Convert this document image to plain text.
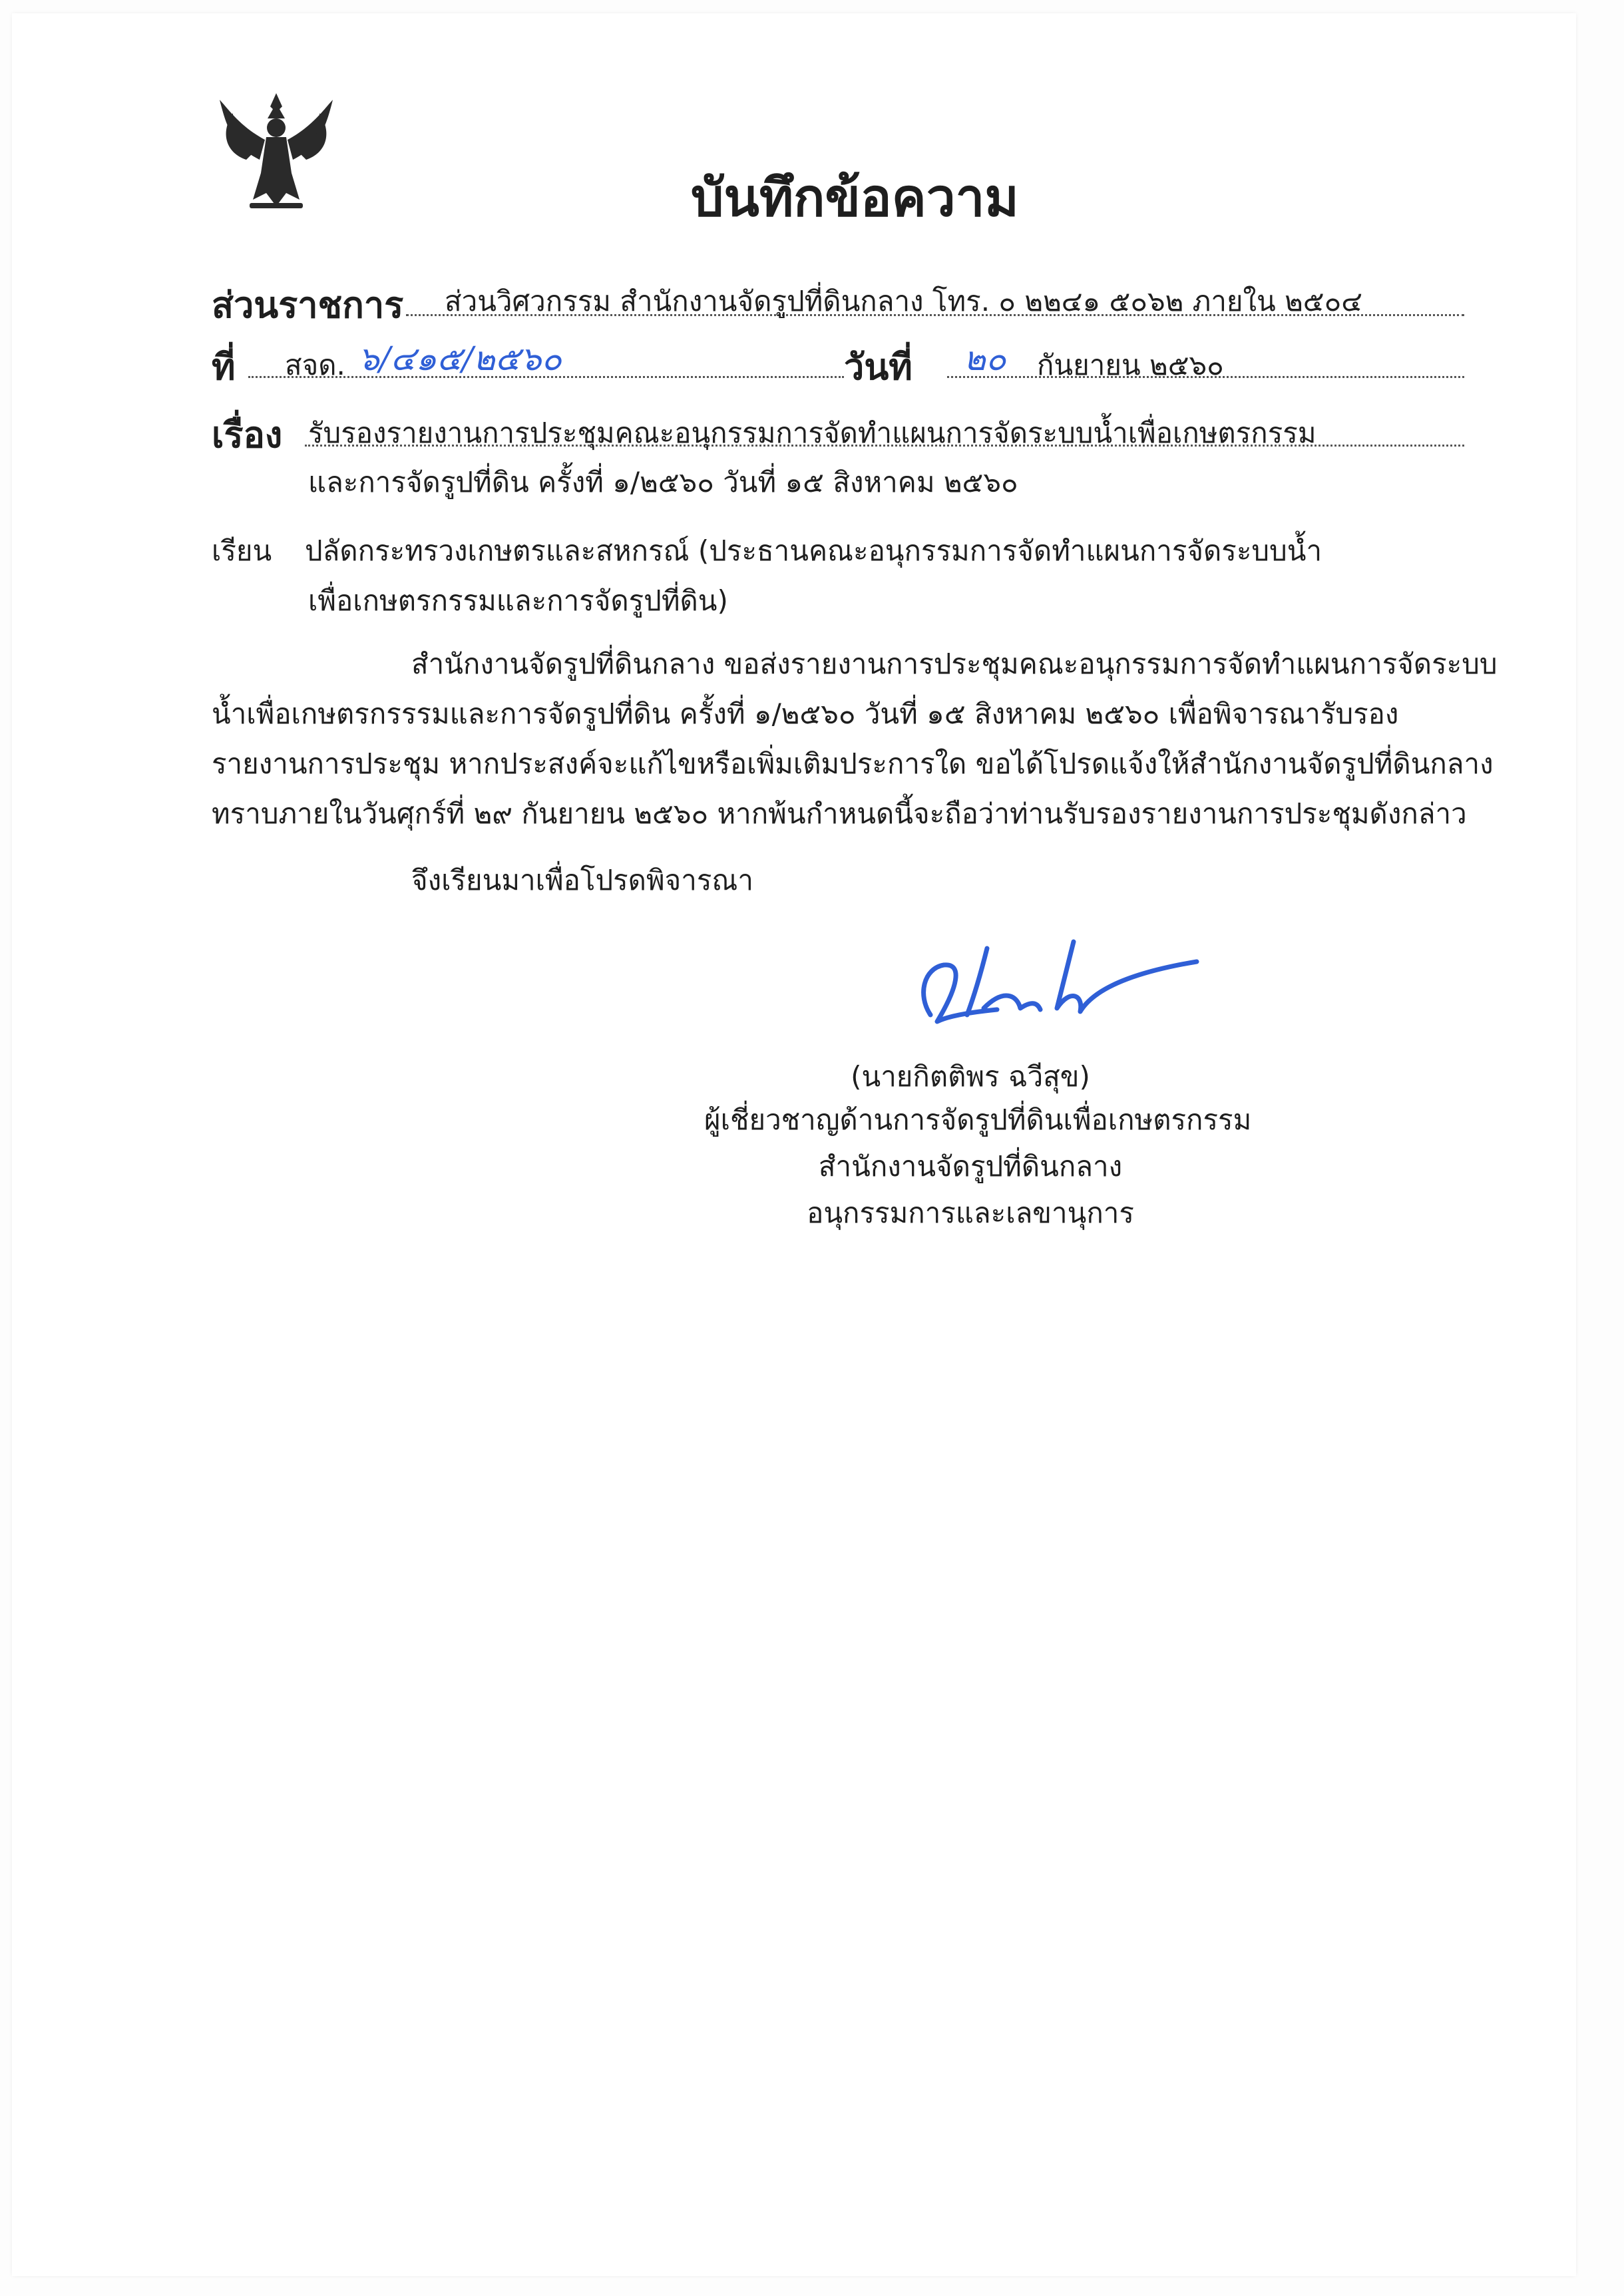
บันทึกข้อความ
ส่วนราชการ ส่วนวิศวกรรม สำนักงานจัดรูปที่ดินกลาง โทร. ๐ ๒๒๔๑ ๕๐๖๒ ภายใน ๒๕๐๔
ที่ สจด. ๖/๔๑๕/๒๕๖๐	วันที่ ๒๐ กันยายน ๒๕๖๐
เรื่อง รับรองรายงานการประชุมคณะอนุกรรมการจัดทำแผนการจัดระบบน้ำเพื่อเกษตรกรรม
และการจัดรูปที่ดิน ครั้งที่ ๑/๒๕๖๐ วันที่ ๑๕ สิงหาคม ๒๕๖๐
เรียน ปลัดกระทรวงเกษตรและสหกรณ์ (ประธานคณะอนุกรรมการจัดทำแผนการจัดระบบน้ำ
เพื่อเกษตรกรรมและการจัดรูปที่ดิน)
สำนักงานจัดรูปที่ดินกลาง ขอส่งรายงานการประชุมคณะอนุกรรมการจัดทำแผนการจัดระบบ
น้ำเพื่อเกษตรกรรรมและการจัดรูปที่ดิน ครั้งที่ ๑/๒๕๖๐ วันที่ ๑๕ สิงหาคม ๒๕๖๐ เพื่อพิจารณารับรอง
รายงานการประชุม หากประสงค์จะแก้ไขหรือเพิ่มเติมประการใด ขอได้โปรดแจ้งให้สำนักงานจัดรูปที่ดินกลาง
ทราบภายในวันศุกร์ที่ ๒๙ กันยายน ๒๕๖๐ หากพ้นกำหนดนี้จะถือว่าท่านรับรองรายงานการประชุมดังกล่าว
จึงเรียนมาเพื่อโปรดพิจารณา
(นายกิตติพร ฉวีสุข)
ผู้เชี่ยวชาญด้านการจัดรูปที่ดินเพื่อเกษตรกรรม
สำนักงานจัดรูปที่ดินกลาง
อนุกรรมการและเลขานุการ
